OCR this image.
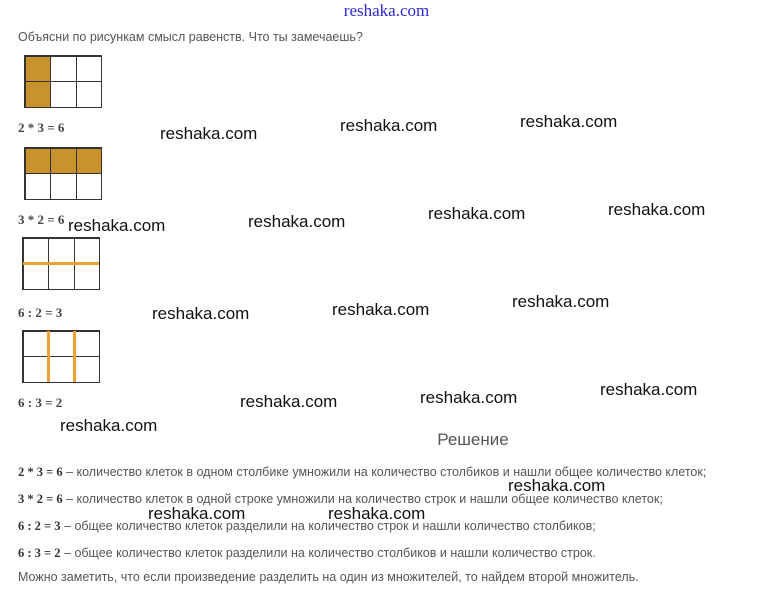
reshaka.com
Объясни по рисункам смысл равенств. Что ты замечаешь?
2 * 3 = 6
3 * 2 = 6
6 : 2 = 3
6 : 3 = 2
reshaka.com	reshaka.com	reshaka.com
reshaka.com	reshaka.com	reshaka.com	reshaka.com
reshaka.com	reshaka.com	reshaka.com
reshaka.com	reshaka.com	reshaka.com
reshaka.com
reshaka.com
reshaka.com	reshaka.com
Решение
2 * 3 = 6 – количество клеток в одном столбике умножили на количество столбиков и нашли общее количество клеток;
3 * 2 = 6 – количество клеток в одной строке умножили на количество строк и нашли общее количество клеток;
6 : 2 = 3 – общее количество клеток разделили на количество строк и нашли количество столбиков;
6 : 3 = 2 – общее количество клеток разделили на количество столбиков и нашли количество строк.
Можно заметить, что если произведение разделить на один из множителей, то найдем второй множитель.
